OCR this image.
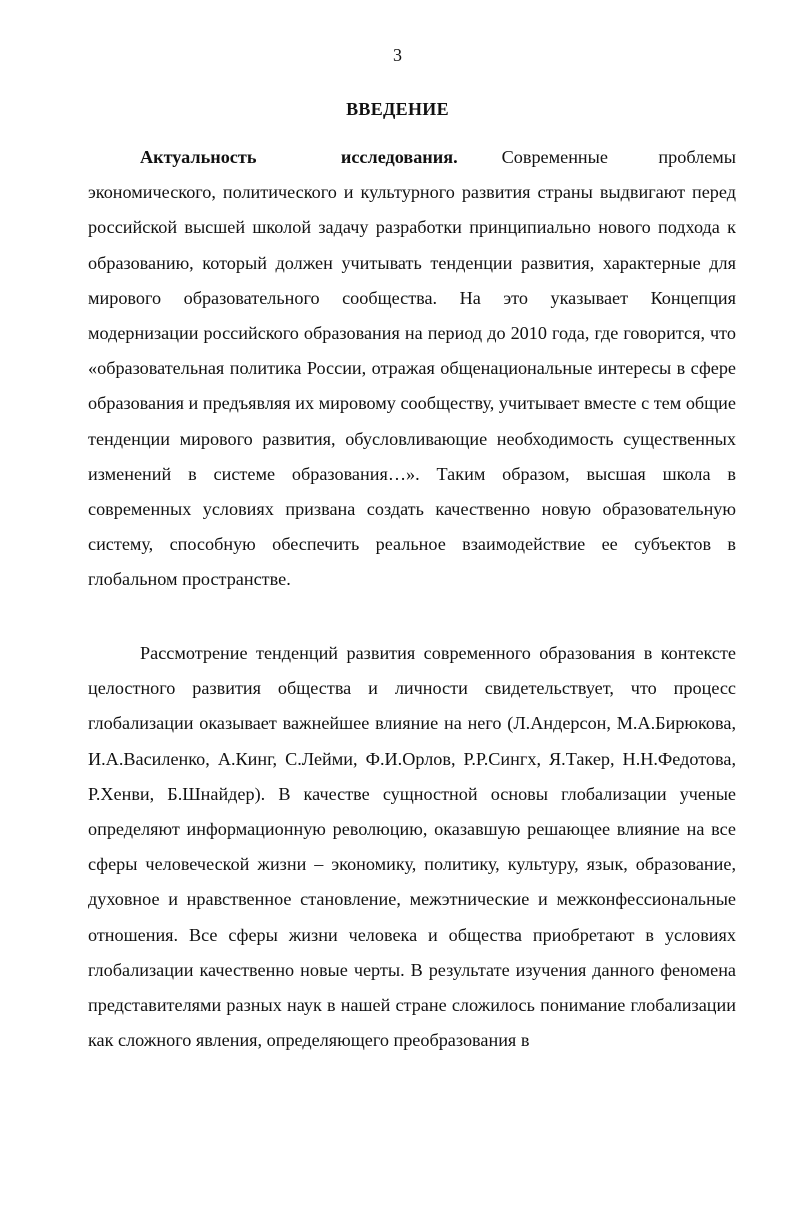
3
ВВЕДЕНИЕ

Актуальность исследования. Современные проблемы экономического, политического и культурного развития страны выдвигают перед российской высшей школой задачу разработки принципиально нового подхода к образованию, который должен учитывать тенденции развития, характерные для мирового образовательного сообщества. На это указывает Концепция модернизации российского образования на период до 2010 года, где говорится, что «образовательная политика России, отражая общенациональные интересы в сфере образования и предъявляя их мировому сообществу, учитывает вместе с тем общие тенденции мирового развития, обусловливающие необходимость существенных изменений в системе образования…». Таким образом, высшая школа в современных условиях призвана создать качественно новую образовательную систему, способную обеспечить реальное взаимодействие ее субъектов в глобальном пространстве.

Рассмотрение тенденций развития современного образования в контексте целостного развития общества и личности свидетельствует, что процесс глобализации оказывает важнейшее влияние на него (Л.Андерсон, М.А.Бирюкова, И.А.Василенко, А.Кинг, С.Лейми, Ф.И.Орлов, Р.Р.Сингх, Я.Такер, Н.Н.Федотова, Р.Хенви, Б.Шнайдер). В качестве сущностной основы глобализации ученые определяют информационную революцию, оказавшую решающее влияние на все сферы человеческой жизни – экономику, политику, культуру, язык, образование, духовное и нравственное становление, межэтнические и межконфессиональные отношения. Все сферы жизни человека и общества приобретают в условиях глобализации качественно новые черты. В результате изучения данного феномена представителями разных наук в нашей стране сложилось понимание глобализации как сложного явления, определяющего преобразования в
